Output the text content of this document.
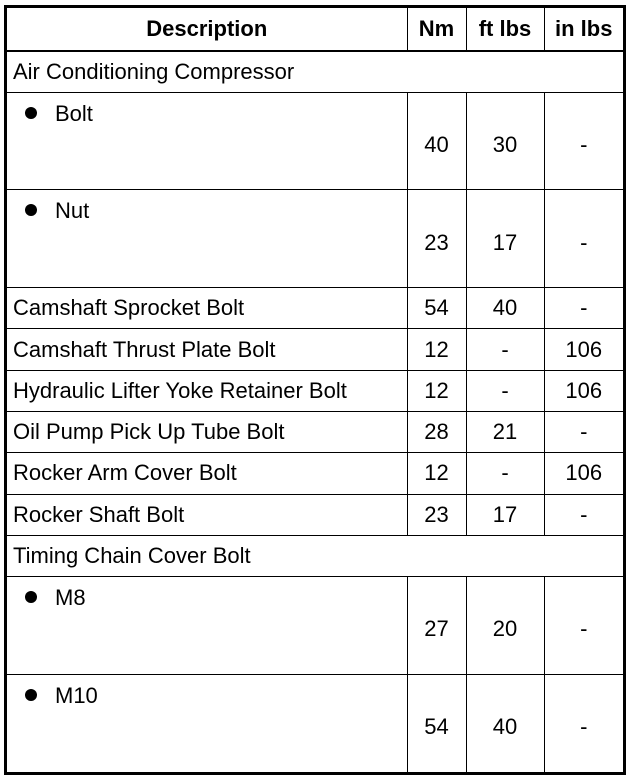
Description	Nm	ft lbs	in lbs
Air Conditioning Compressor			
Bolt	40	30	-
Nut	23	17	-
Camshaft Sprocket Bolt	54	40	-
Camshaft Thrust Plate Bolt	12	-	106
Hydraulic Lifter Yoke Retainer Bolt	12	-	106
Oil Pump Pick Up Tube Bolt	28	21	-
Rocker Arm Cover Bolt	12	-	106
Rocker Shaft Bolt	23	17	-
Timing Chain Cover Bolt			
M8	27	20	-
M10	54	40	-
